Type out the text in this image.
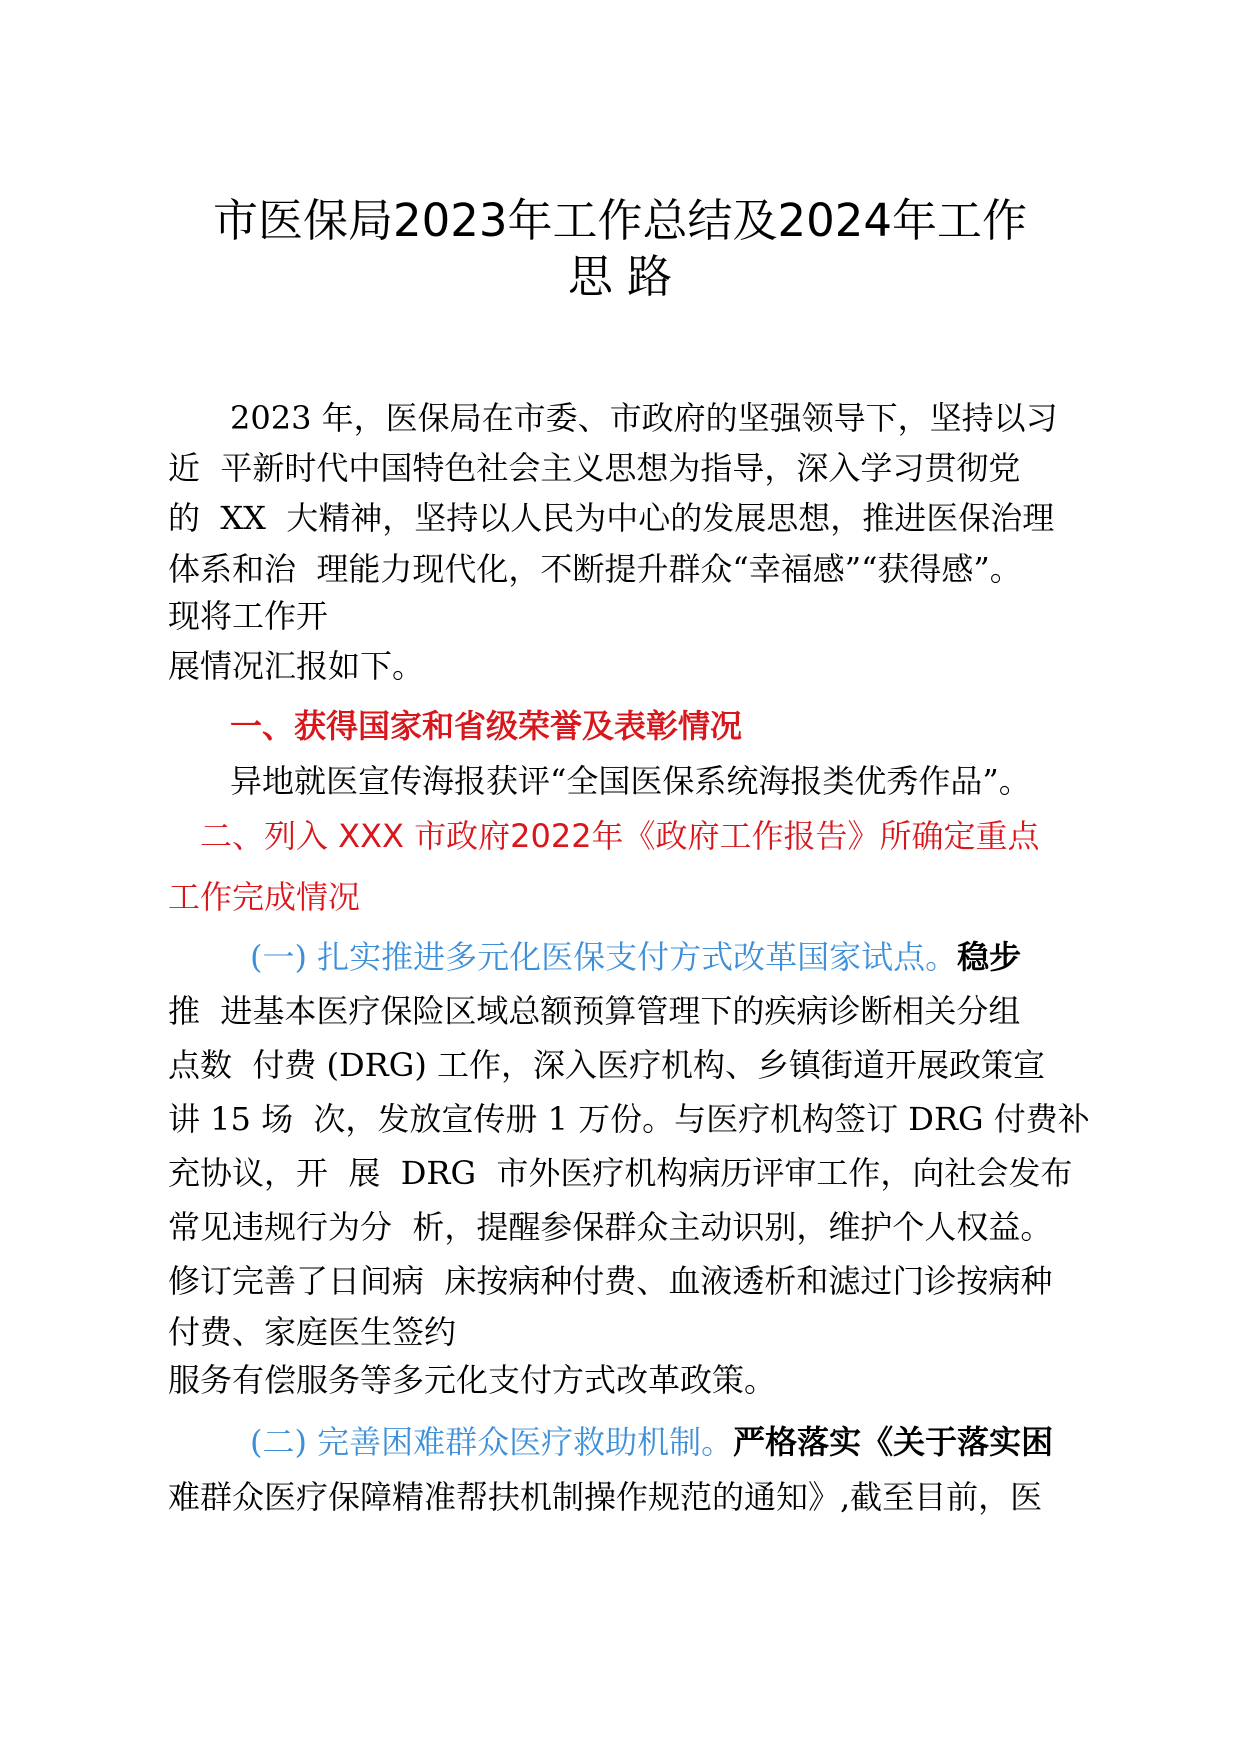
市医保局2023年工作总结及2024年工作
思 路
2023 年，医保局在市委、市政府的坚强领导下，坚持以习
近  平新时代中国特色社会主义思想为指导，深入学习贯彻党
的  XX  大精神，坚持以人民为中心的发展思想，推进医保治理
体系和治  理能力现代化，不断提升群众“幸福感”“获得感”。
现将工作开
展情况汇报如下。
一、获得国家和省级荣誉及表彰情况
异地就医宣传海报获评“全国医保系统海报类优秀作品”。
二、列入 XXX 市政府2022年《政府工作报告》所确定重点
工作完成情况
(一) 扎实推进多元化医保支付方式改革国家试点。稳步
推  进基本医疗保险区域总额预算管理下的疾病诊断相关分组
点数  付费 (DRG) 工作，深入医疗机构、乡镇街道开展政策宣
讲 15 场  次，发放宣传册 1 万份。与医疗机构签订 DRG 付费补
充协议，开  展  DRG  市外医疗机构病历评审工作，向社会发布
常见违规行为分  析，提醒参保群众主动识别，维护个人权益。
修订完善了日间病  床按病种付费、血液透析和滤过门诊按病种
付费、家庭医生签约
服务有偿服务等多元化支付方式改革政策。
(二) 完善困难群众医疗救助机制。严格落实《关于落实困
难群众医疗保障精准帮扶机制操作规范的通知》,截至目前，医
